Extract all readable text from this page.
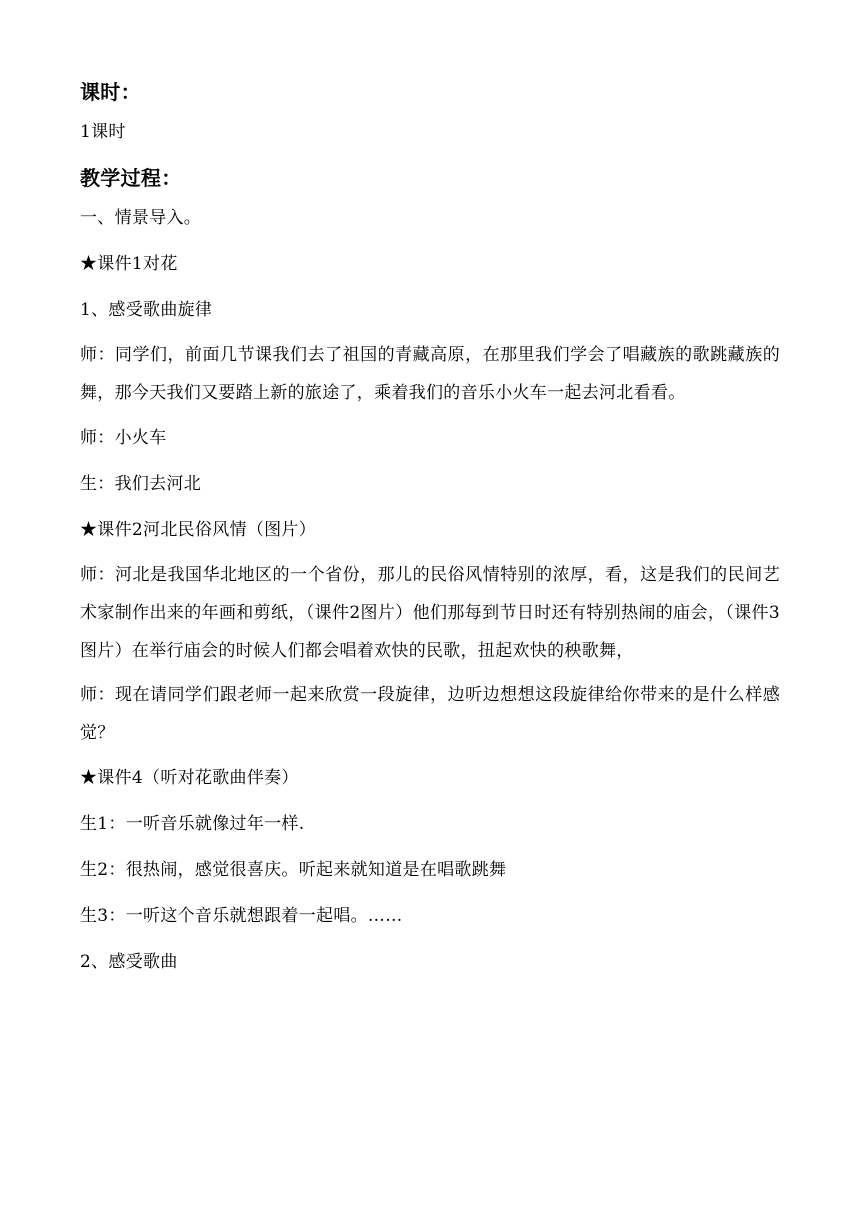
课时：

1课时

教学过程：

一、情景导入。

★课件1对花

1、感受歌曲旋律

师：同学们，前面几节课我们去了祖国的青藏高原，在那里我们学会了唱藏族的歌跳藏族的舞，那今天我们又要踏上新的旅途了，乘着我们的音乐小火车一起去河北看看。

师：小火车

生：我们去河北

★课件2河北民俗风情（图片）

师：河北是我国华北地区的一个省份，那儿的民俗风情特别的浓厚，看，这是我们的民间艺术家制作出来的年画和剪纸，（课件2图片）他们那每到节日时还有特别热闹的庙会，（课件3图片）在举行庙会的时候人们都会唱着欢快的民歌，扭起欢快的秧歌舞，

师：现在请同学们跟老师一起来欣赏一段旋律，边听边想想这段旋律给你带来的是什么样感觉？

★课件4（听对花歌曲伴奏）

生1：一听音乐就像过年一样.

生2：很热闹，感觉很喜庆。听起来就知道是在唱歌跳舞

生3：一听这个音乐就想跟着一起唱。……

2、感受歌曲
